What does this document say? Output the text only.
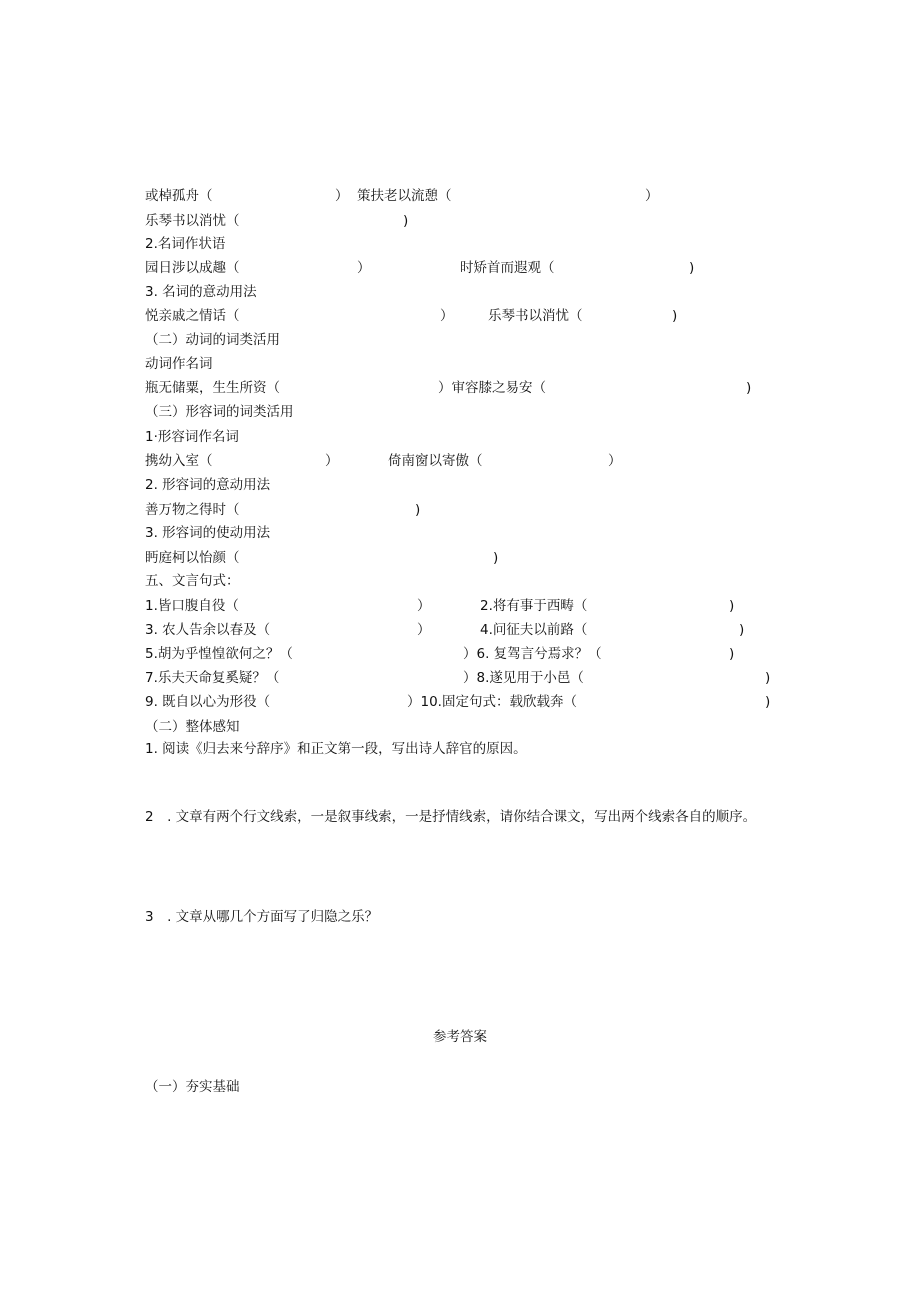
或棹孤舟（	） 策扶老以流憩（	）
乐琴书以消忧（	)
2.名词作状语
园日涉以成趣（	）	时矫首而遐观（	)
3. 名词的意动用法
悦亲戚之情话（	）	乐琴书以消忧（	)
（二）动词的词类活用
动词作名词
瓶无储粟，生生所资（	）审容膝之易安（	)
（三）形容词的词类活用
1·形容词作名词
携幼入室（	）	倚南窗以寄傲（	）
2. 形容词的意动用法
善万物之得时（	)
3. 形容词的使动用法
眄庭柯以怡颜（	)
五、文言句式：
1.皆口腹自役（	）	2.将有事于西畴（	)
3. 农人告余以春及（	）	4.问征夫以前路（	)
5.胡为乎惶惶欲何之？（	）6. 复驾言兮焉求？（	)
7.乐夫天命复奚疑？（	）8.遂见用于小邑（	)
9. 既自以心为形役（	）10.固定句式：载欣载奔（	)
（二）整体感知
1. 阅读《归去来兮辞序》和正文第一段，写出诗人辞官的原因。
2　. 文章有两个行文线索，一是叙事线索，一是抒情线索，请你结合课文，写出两个线索各自的顺序。
3　. 文章从哪几个方面写了归隐之乐？
参考答案
（一）夯实基础
